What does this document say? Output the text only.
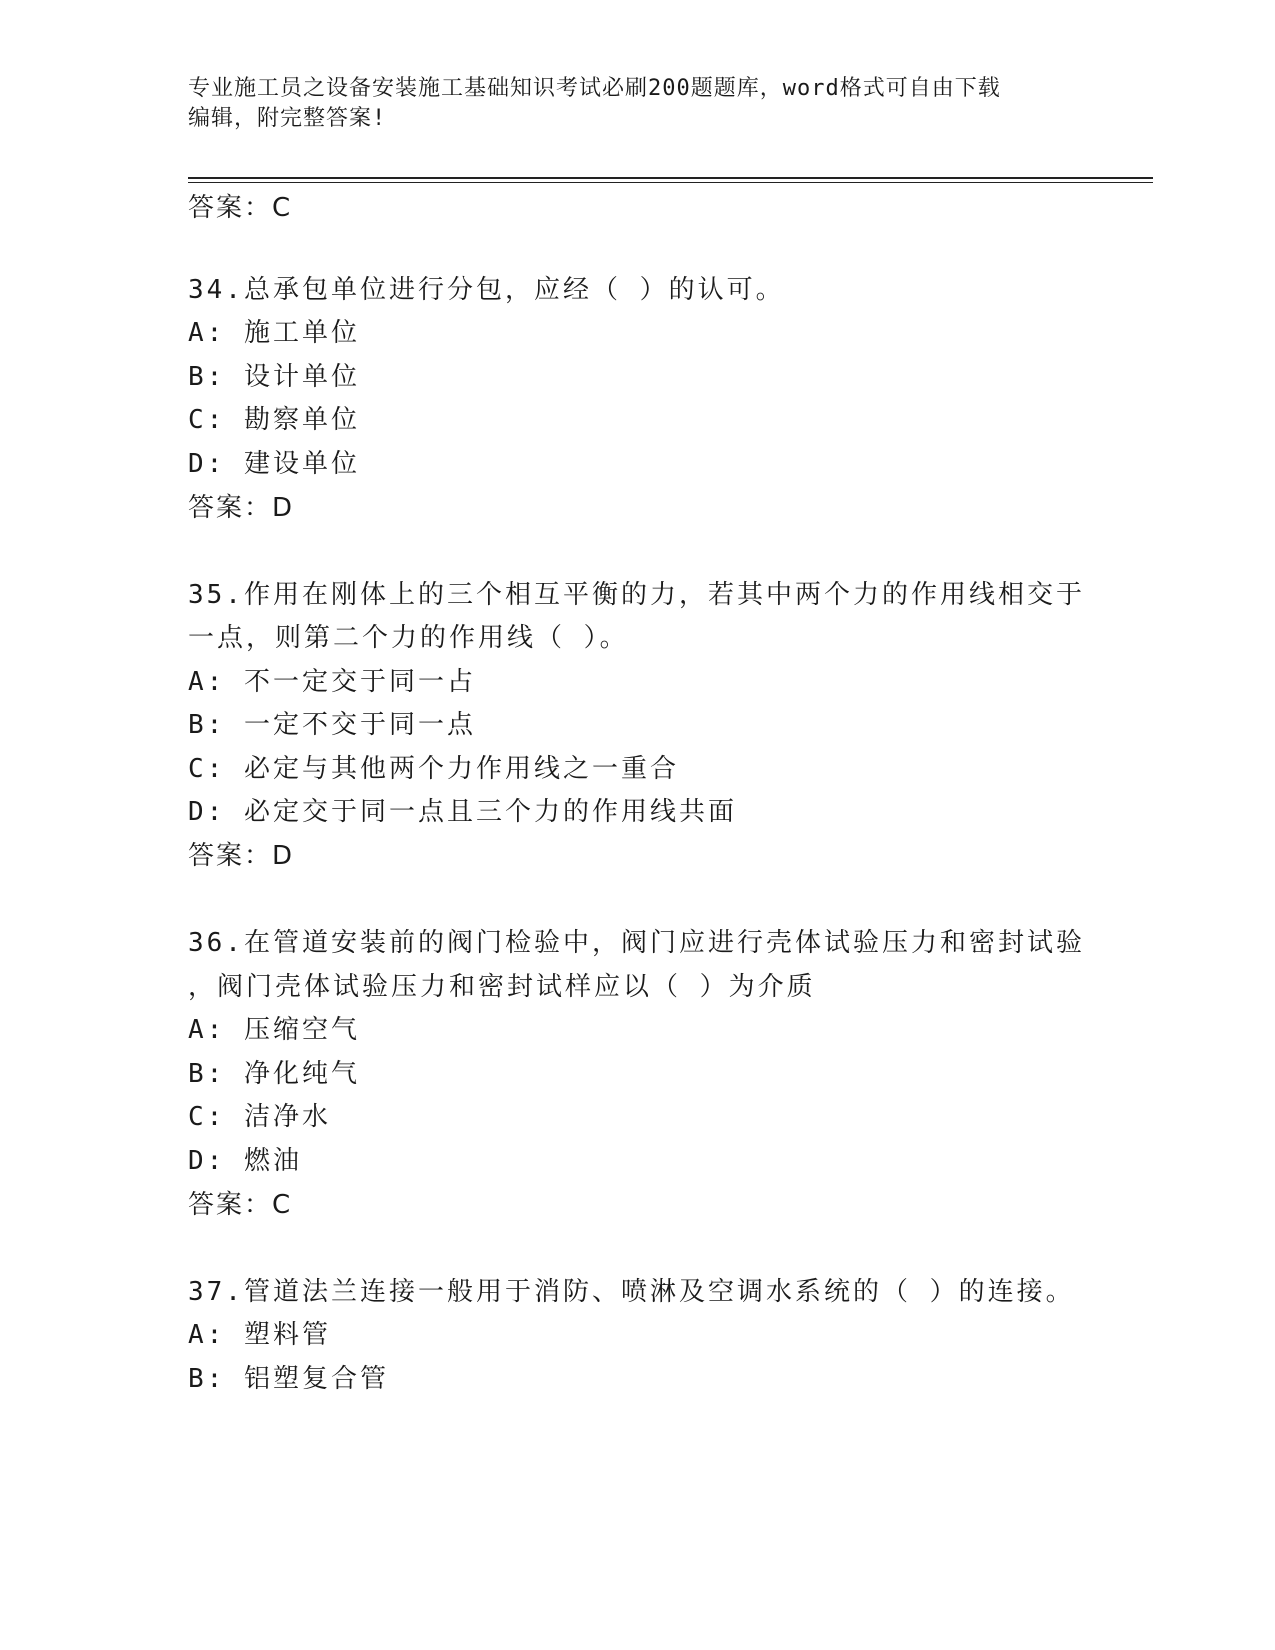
专业施工员之设备安装施工基础知识考试必刷200题题库，word格式可自由下载
编辑，附完整答案!
答案：C
34.总承包单位进行分包，应经（ ）的认可。
A: 施工单位
B: 设计单位
C: 勘察单位
D: 建设单位
答案：D
35.作用在刚体上的三个相互平衡的力，若其中两个力的作用线相交于
一点，则第二个力的作用线（ ）。
A: 不一定交于同一占
B: 一定不交于同一点
C: 必定与其他两个力作用线之一重合
D: 必定交于同一点且三个力的作用线共面
答案：D
36.在管道安装前的阀门检验中，阀门应进行壳体试验压力和密封试验
，阀门壳体试验压力和密封试样应以（ ）为介质
A: 压缩空气
B: 净化纯气
C: 洁净水
D: 燃油
答案：C
37.管道法兰连接一般用于消防、喷淋及空调水系统的（ ）的连接。
A: 塑料管
B: 铝塑复合管
